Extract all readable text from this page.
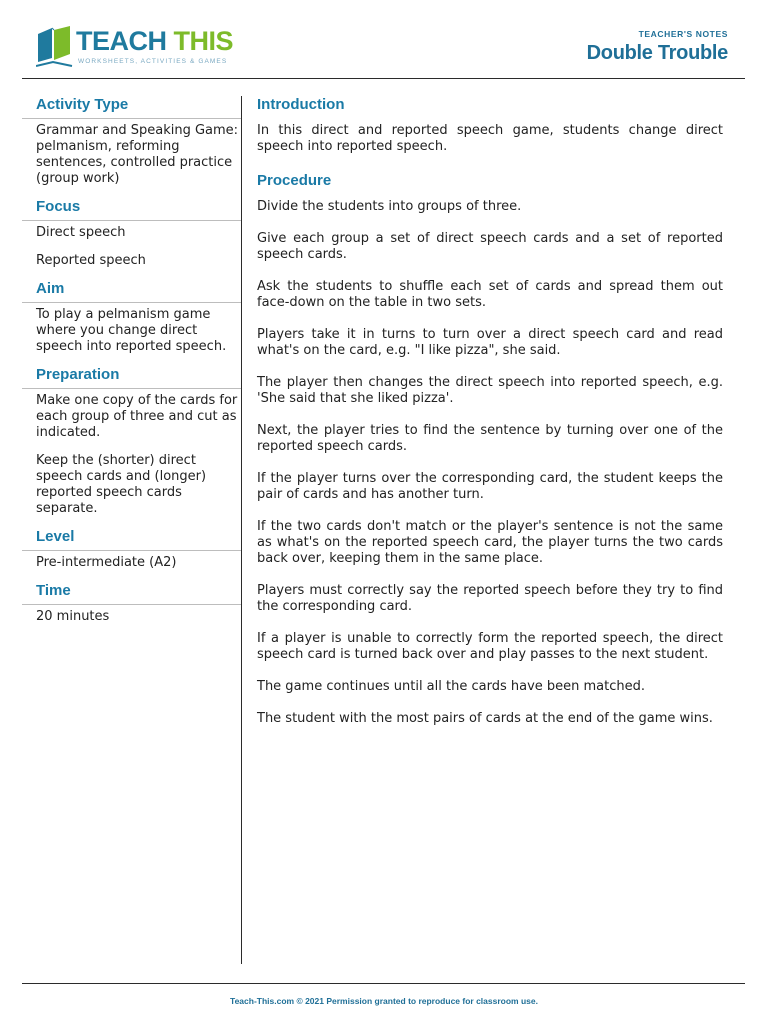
TEACH THIS
WORKSHEETS, ACTIVITIES & GAMES
TEACHER'S NOTES
Double Trouble
Activity Type

Grammar and Speaking Game: pelmanism, reforming sentences, controlled practice (group work)

Focus

Direct speech

Reported speech

Aim

To play a pelmanism game where you change direct speech into reported speech.

Preparation

Make one copy of the cards for each group of three and cut as indicated.

Keep the (shorter) direct speech cards and (longer) reported speech cards separate.

Level

Pre-intermediate (A2)

Time

20 minutes

Introduction

In this direct and reported speech game, students change direct speech into reported speech.

Procedure

Divide the students into groups of three.

Give each group a set of direct speech cards and a set of reported speech cards.

Ask the students to shuffle each set of cards and spread them out face-down on the table in two sets.

Players take it in turns to turn over a direct speech card and read what's on the card, e.g. "I like pizza", she said.

The player then changes the direct speech into reported speech, e.g. 'She said that she liked pizza'.

Next, the player tries to find the sentence by turning over one of the reported speech cards.

If the player turns over the corresponding card, the student keeps the pair of cards and has another turn.

If the two cards don't match or the player's sentence is not the same as what's on the reported speech card, the player turns the two cards back over, keeping them in the same place.

Players must correctly say the reported speech before they try to find the corresponding card.

If a player is unable to correctly form the reported speech, the direct speech card is turned back over and play passes to the next student.

The game continues until all the cards have been matched.

The student with the most pairs of cards at the end of the game wins.

Teach-This.com © 2021 Permission granted to reproduce for classroom use.
